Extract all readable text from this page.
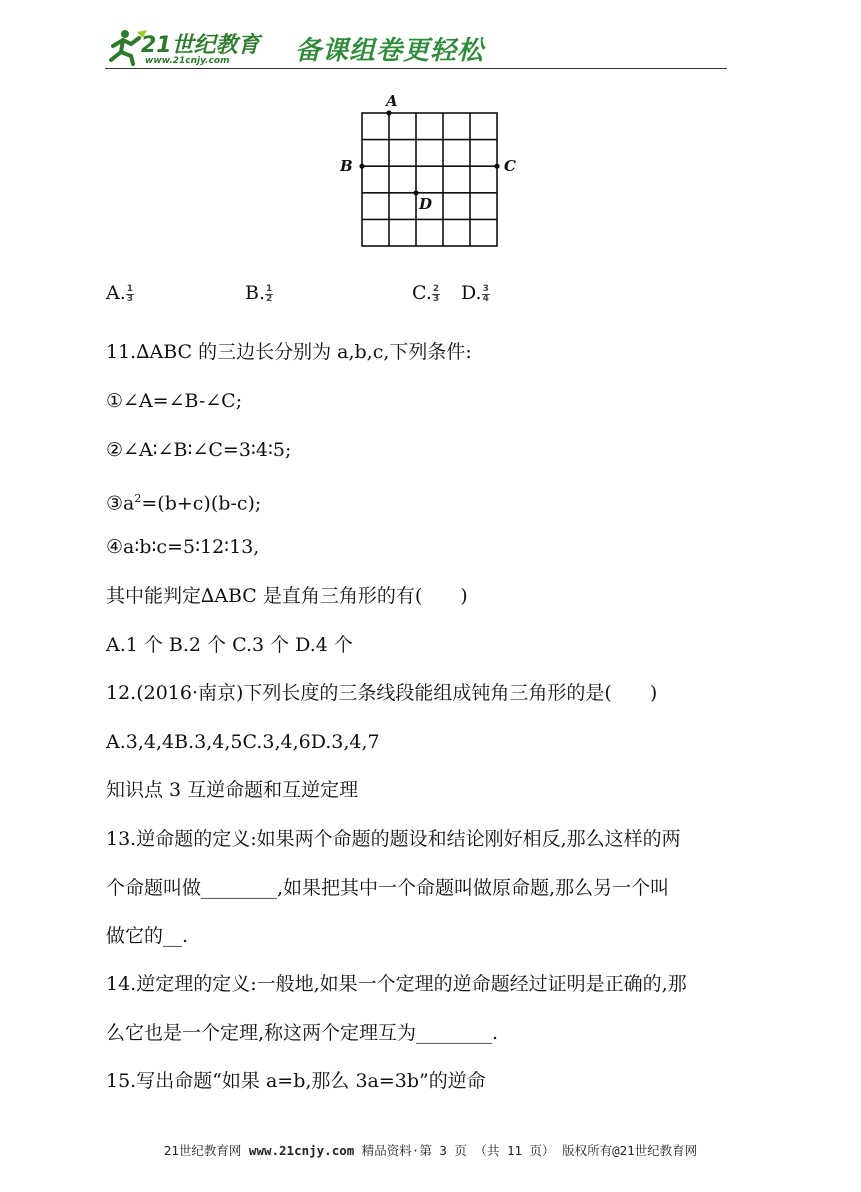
21世纪教育
www.21cnjy.com	备课组卷更轻松
A
B	C
D
A. $\frac{1}{3}$	B. $\frac{1}{2}$	C. $\frac{2}{3} D$. $\frac{3}{4}$
11.∆ABC 的三边长分别为 a,b,c,下列条件:
①∠A=∠B-∠C;
②∠A∶∠B∶∠C=3∶4∶5;
$③a^2=(b+c)(b-c)$;
④a∶b∶c=5∶12∶13,
其中能判定∆ABC 是直角三角形的有(　　)
A.1 个 B.2 个 C.3 个 D.4 个
12.(2016·南京)下列长度的三条线段能组成钝角三角形的是(　　)
A.3,4,4B.3,4,5C.3,4,6D.3,4,7
知识点 3 互逆命题和互逆定理
13.逆命题的定义:如果两个命题的题设和结论刚好相反,那么这样的两
个命题叫做________,如果把其中一个命题叫做原命题,那么另一个叫
做它的__.
14.逆定理的定义:一般地,如果一个定理的逆命题经过证明是正确的,那
么它也是一个定理,称这两个定理互为________.
15.写出命题“如果 a=b,那么 3a=3b”的逆命
21世纪教育网 www.21cnjy.com 精品资料·第 3 页 （共 11 页） 版权所有@21世纪教育网
